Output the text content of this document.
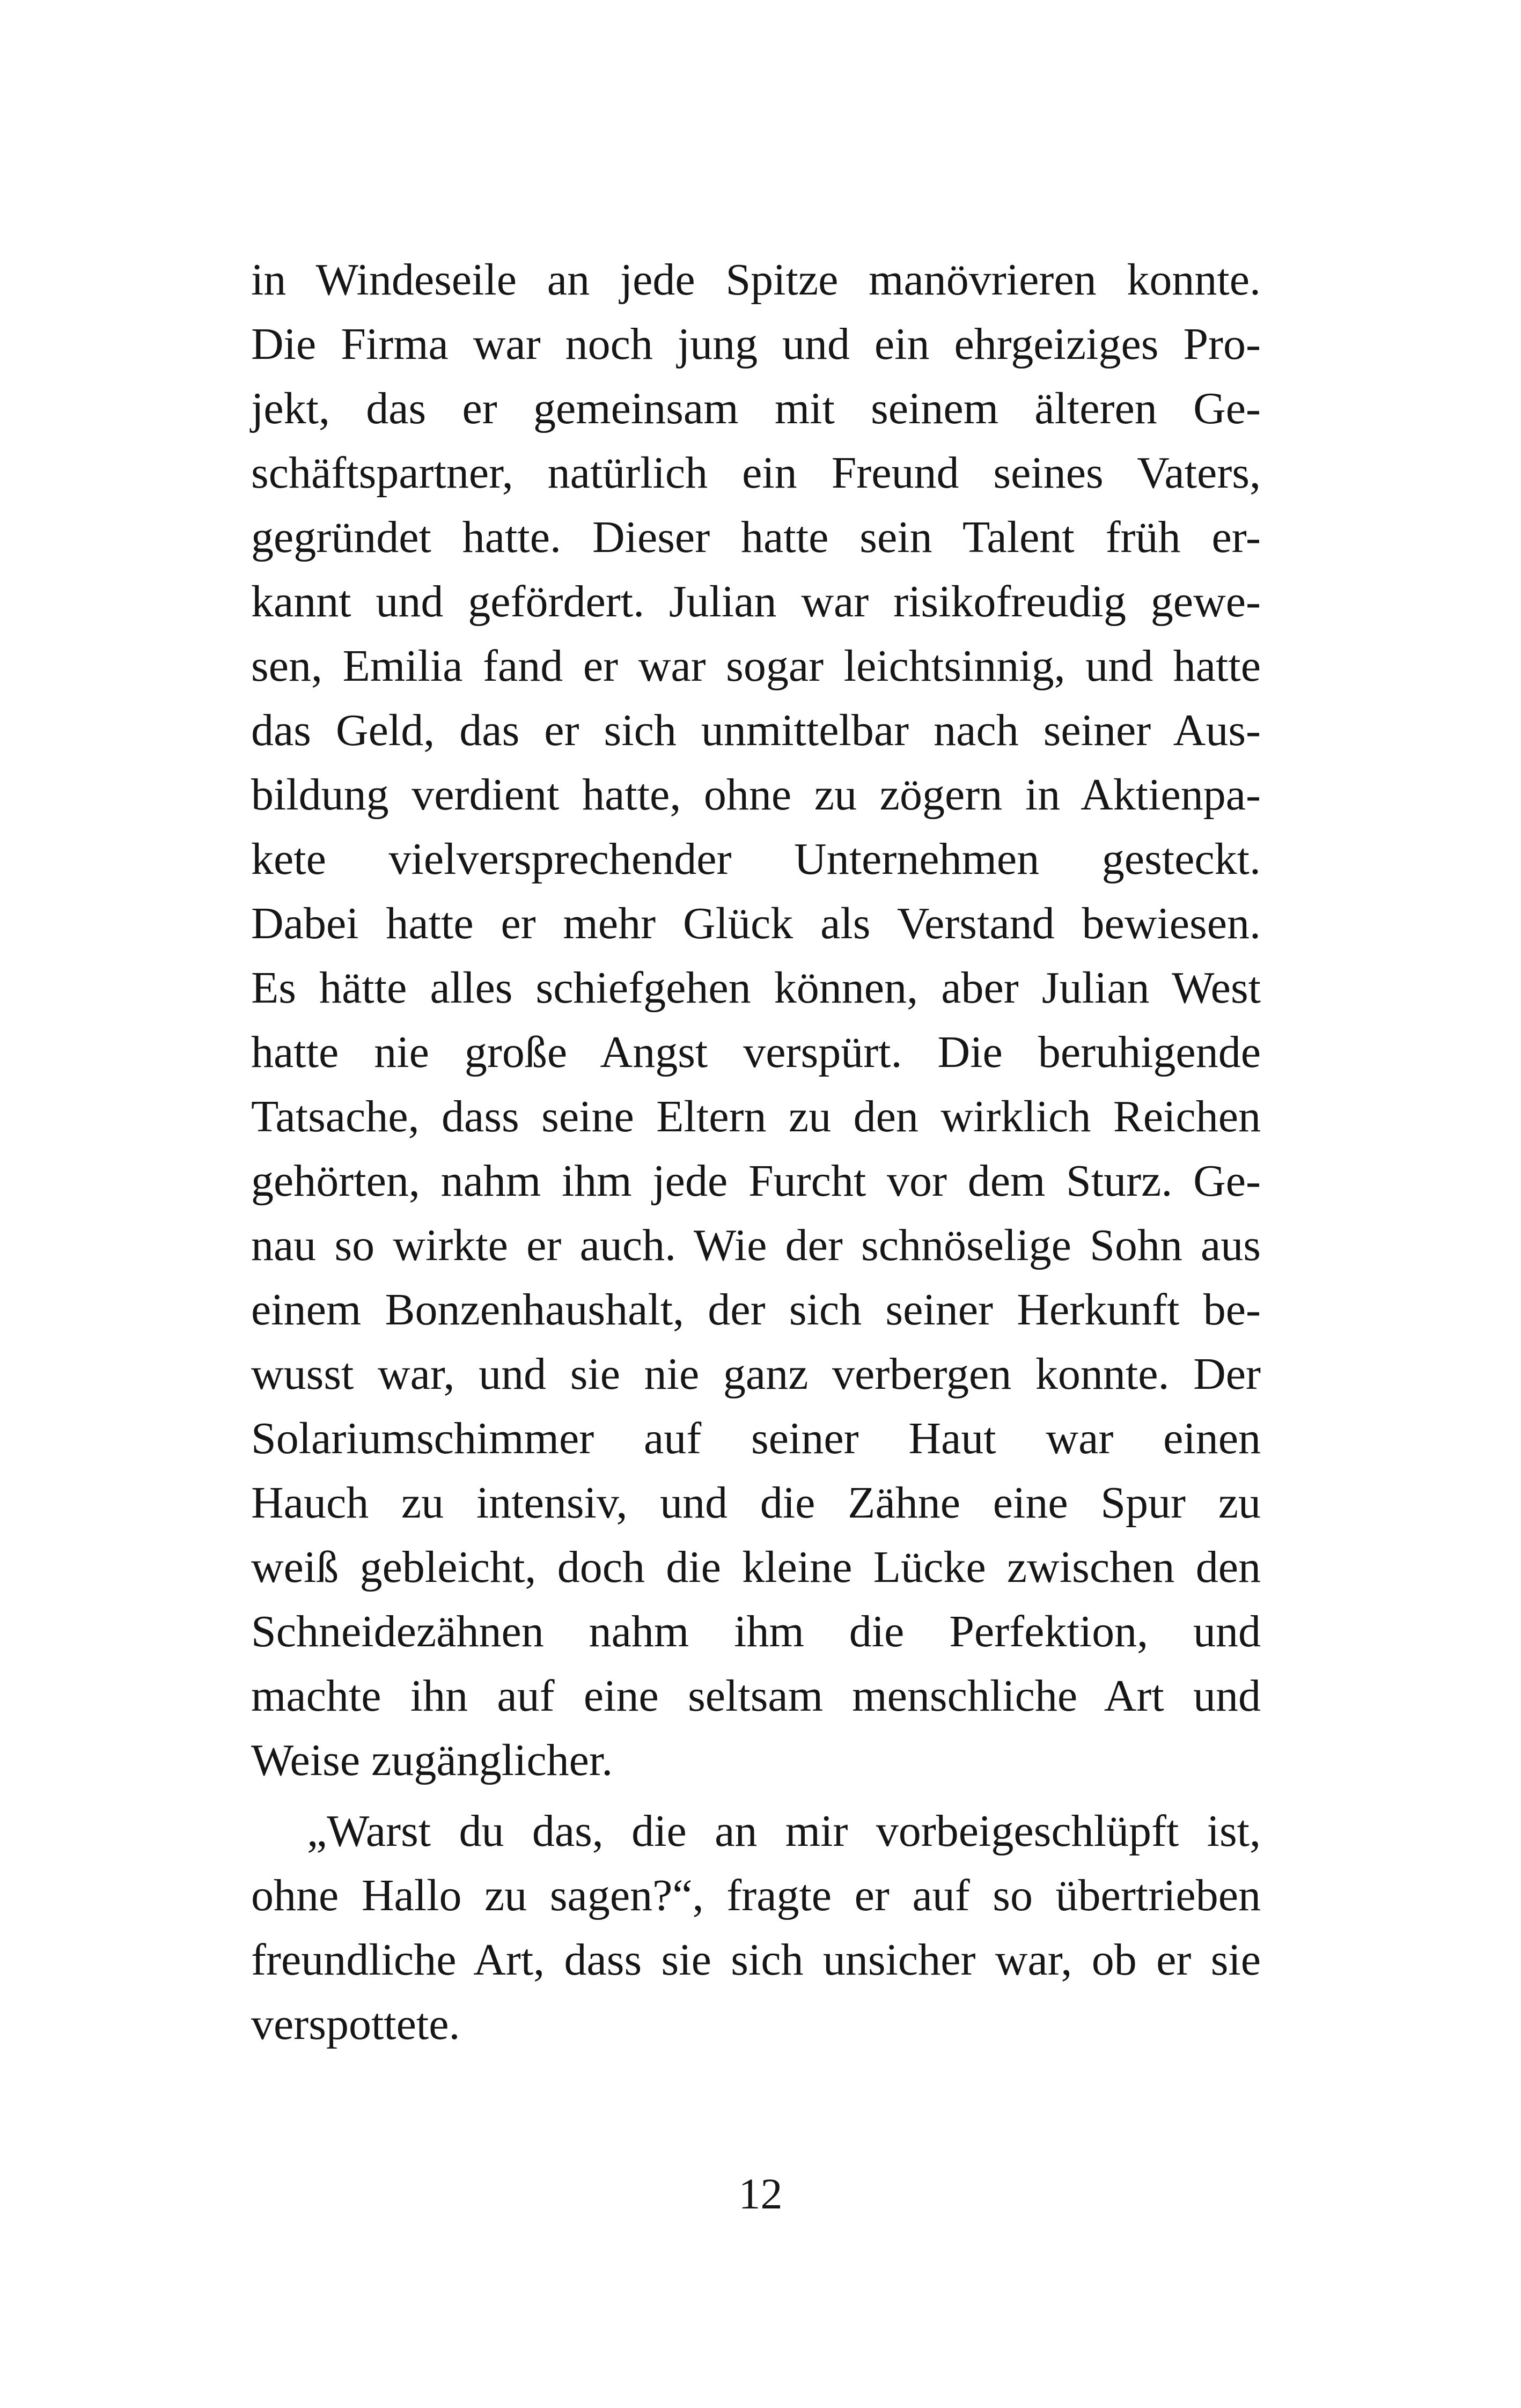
in Windeseile an jede Spitze manövrieren konnte.
Die Firma war noch jung und ein ehrgeiziges Pro-
jekt, das er gemeinsam mit seinem älteren Ge-
schäftspartner, natürlich ein Freund seines Vaters,
gegründet hatte. Dieser hatte sein Talent früh er-
kannt und gefördert. Julian war risikofreudig gewe-
sen, Emilia fand er war sogar leichtsinnig, und hatte
das Geld, das er sich unmittelbar nach seiner Aus-
bildung verdient hatte, ohne zu zögern in Aktienpa-
kete vielversprechender Unternehmen gesteckt.
Dabei hatte er mehr Glück als Verstand bewiesen.
Es hätte alles schiefgehen können, aber Julian West
hatte nie große Angst verspürt. Die beruhigende
Tatsache, dass seine Eltern zu den wirklich Reichen
gehörten, nahm ihm jede Furcht vor dem Sturz. Ge-
nau so wirkte er auch. Wie der schnöselige Sohn aus
einem Bonzenhaushalt, der sich seiner Herkunft be-
wusst war, und sie nie ganz verbergen konnte. Der
Solariumschimmer auf seiner Haut war einen
Hauch zu intensiv, und die Zähne eine Spur zu
weiß gebleicht, doch die kleine Lücke zwischen den
Schneidezähnen nahm ihm die Perfektion, und
machte ihn auf eine seltsam menschliche Art und
Weise zugänglicher.
„Warst du das, die an mir vorbeigeschlüpft ist,
ohne Hallo zu sagen?“, fragte er auf so übertrieben
freundliche Art, dass sie sich unsicher war, ob er sie
verspottete.
12
